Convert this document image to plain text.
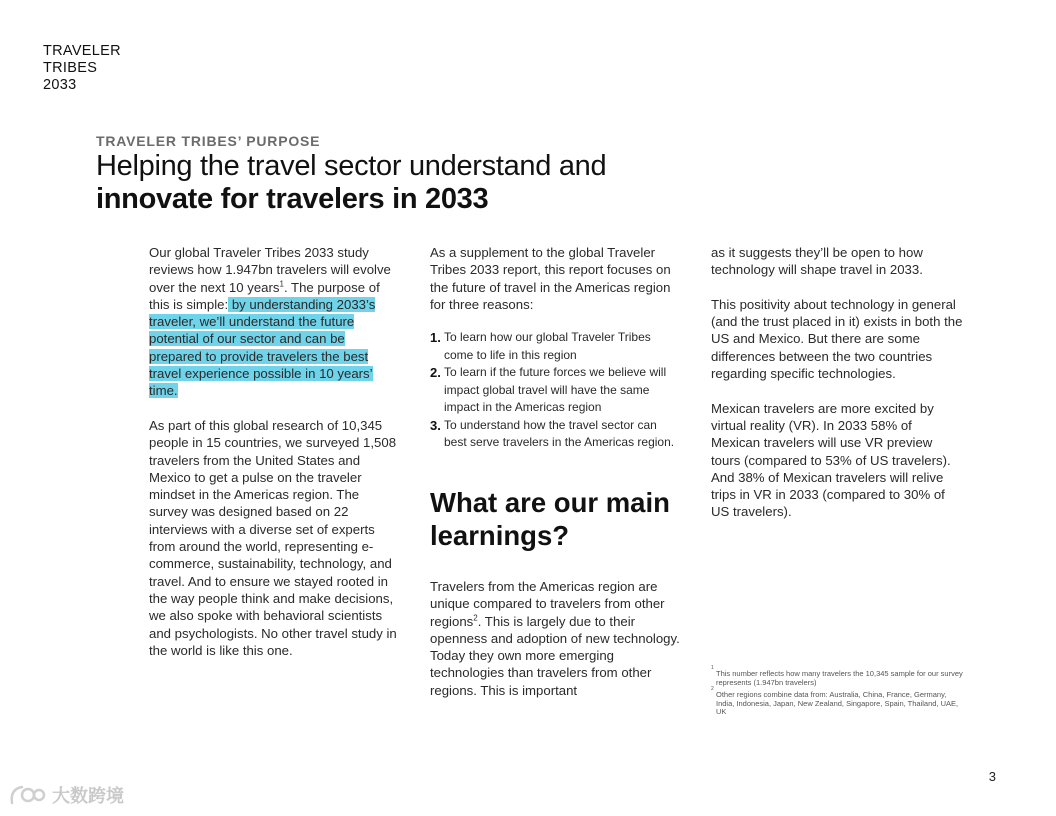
TRAVELER
TRIBES
2033
TRAVELER TRIBES’ PURPOSE
Helping the travel sector understand and
innovate for travelers in 2033

Our global Traveler Tribes 2033 study reviews how 1.947bn travelers will evolve over the next 10 years$^1$. The purpose of this is simple: by understanding 2033’s traveler, we’ll understand the future potential of our sector and can be prepared to provide travelers the best travel experience possible in 10 years’ time.

As part of this global research of 10,345 people in 15 countries, we surveyed 1,508 travelers from the United States and Mexico to get a pulse on the traveler mindset in the Americas region. The survey was designed based on 22 interviews with a diverse set of experts from around the world, representing e-commerce, sustainability, technology, and travel. And to ensure we stayed rooted in the way people think and make decisions, we also spoke with behavioral scientists and psychologists. No other travel study in the world is like this one.

As a supplement to the global Traveler Tribes 2033 report, this report focuses on the future of travel in the Americas region for three reasons:

1. To learn how our global Traveler Tribes come to life in this region
2. To learn if the future forces we believe will impact global travel will have the same impact in the Americas region
3. To understand how the travel sector can best serve travelers in the Americas region.
What are our main learnings?

Travelers from the Americas region are unique compared to travelers from other regions$^2$. This is largely due to their openness and adoption of new technology. Today they own more emerging technologies than travelers from other regions. This is important

as it suggests they’ll be open to how technology will shape travel in 2033.

This positivity about technology in general (and the trust placed in it) exists in both the US and Mexico. But there are some differences between the two countries regarding specific technologies.

Mexican travelers are more excited by virtual reality (VR). In 2033 58% of Mexican travelers will use VR preview tours (compared to 53% of US travelers). And 38% of Mexican travelers will relive trips in VR in 2033 (compared to 30% of US travelers).

1
This number reflects how many travelers the 10,345 sample for our survey represents (1.947bn travelers)

2
Other regions combine data from: Australia, China, France, Germany, India, Indonesia, Japan, New Zealand, Singapore, Spain, Thailand, UAE, UK

3
大数跨境
